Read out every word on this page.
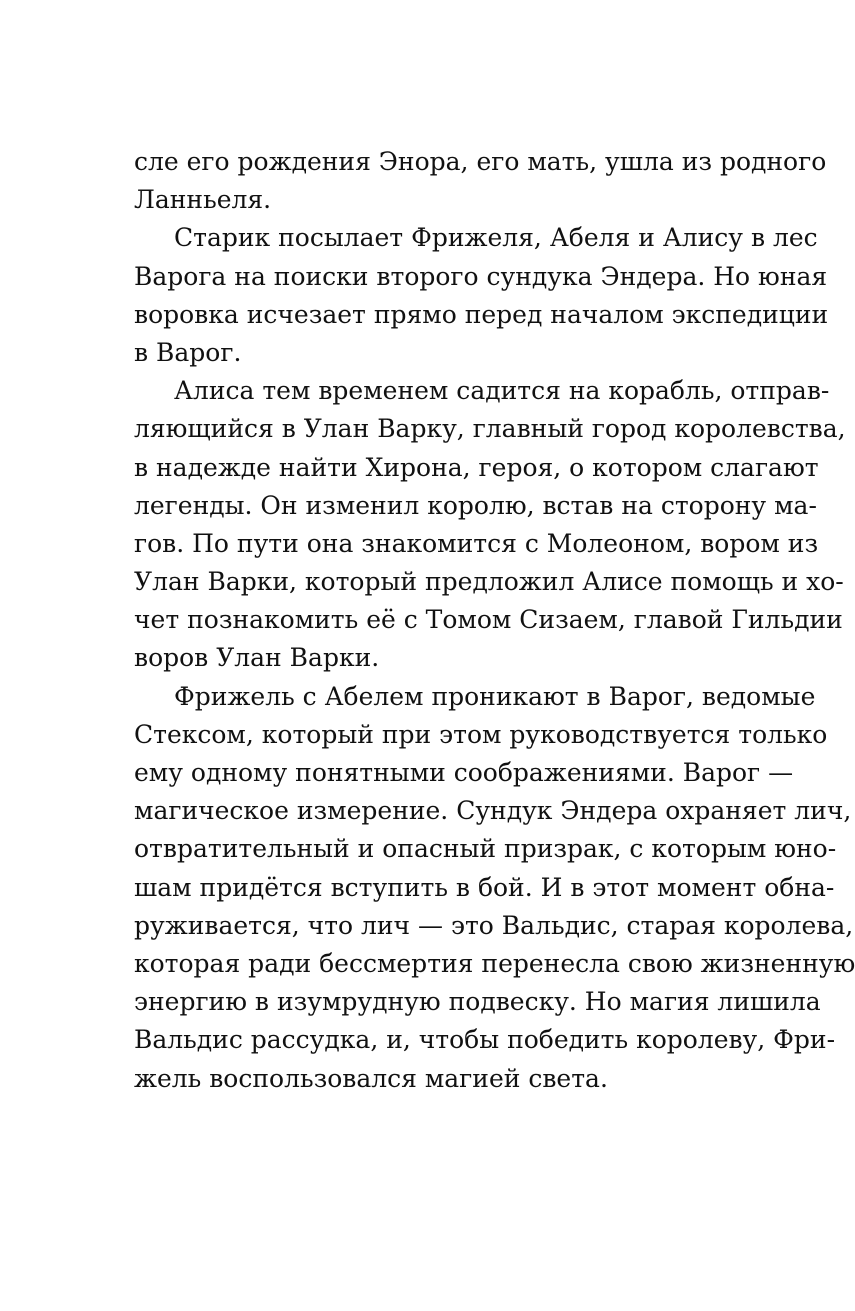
сле его рождения Энора, его мать, ушла из родного
Ланньеля.
Старик посылает Фрижеля, Абеля и Алису в лес
Варога на поиски второго сундука Эндера. Но юная
воровка исчезает прямо перед началом экспедиции
в Варог.
Алиса тем временем садится на корабль, отправ-
ляющийся в Улан Варку, главный город королевства,
в надежде найти Хирона, героя, о котором слагают
легенды. Он изменил королю, встав на сторону ма-
гов. По пути она знакомится с Молеоном, вором из
Улан Варки, который предложил Алисе помощь и хо-
чет познакомить её с Томом Сизаем, главой Гильдии
воров Улан Варки.
Фрижель с Абелем проникают в Варог, ведомые
Стексом, который при этом руководствуется только
ему одному понятными соображениями. Варог —
магическое измерение. Сундук Эндера охраняет лич,
отвратительный и опасный призрак, с которым юно-
шам придётся вступить в бой. И в этот момент обна-
руживается, что лич — это Вальдис, старая королева,
которая ради бессмертия перенесла свою жизненную
энергию в изумрудную подвеску. Но магия лишила
Вальдис рассудка, и, чтобы победить королеву, Фри-
жель воспользовался магией света.
